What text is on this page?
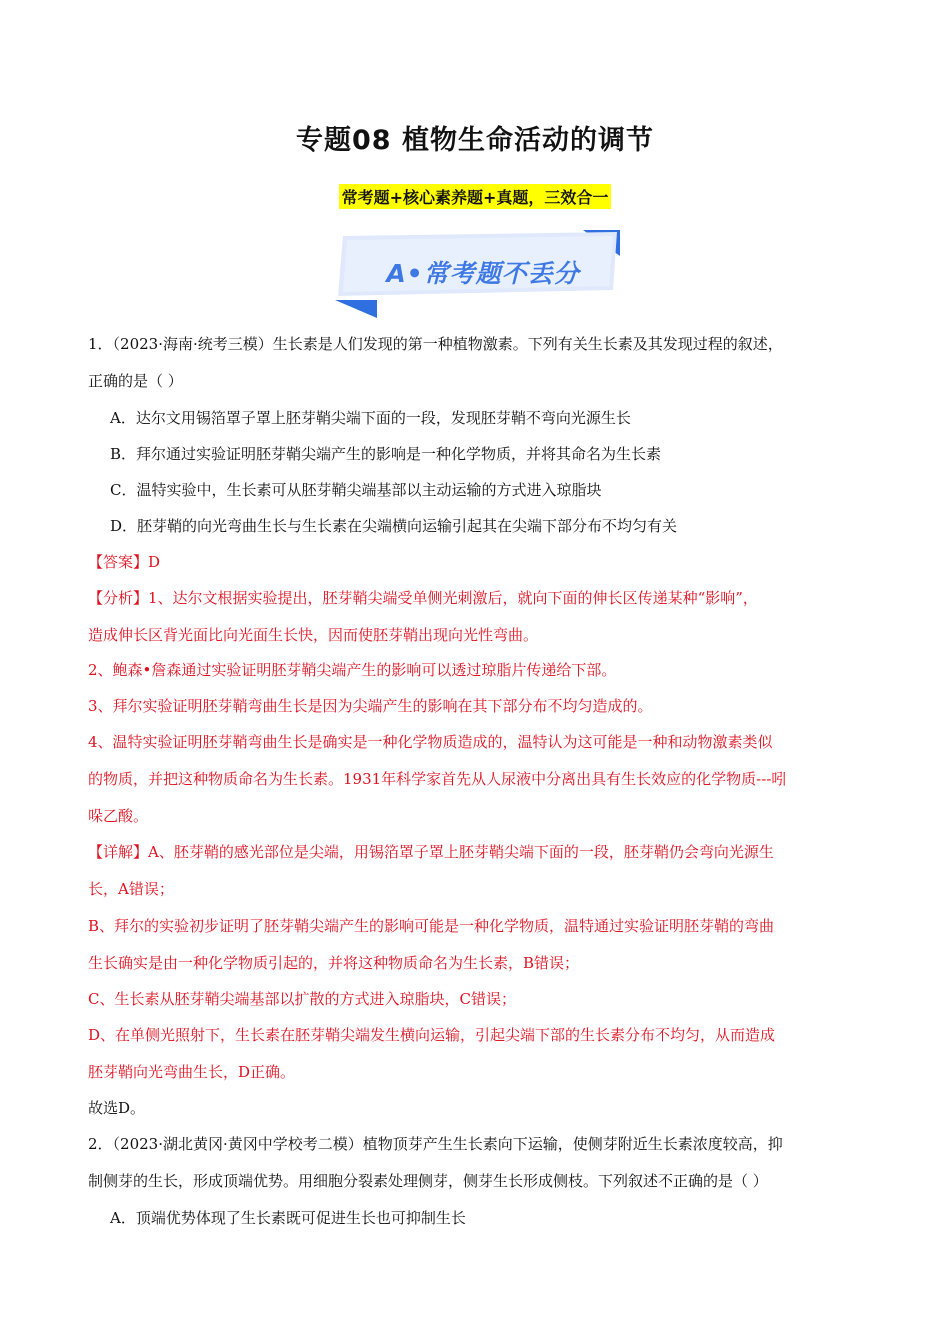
专题08 植物生命活动的调节
常考题+核心素养题+真题，三效合一
A•常考题不丢分
1．（2023·海南·统考三模）生长素是人们发现的第一种植物激素。下列有关生长素及其发现过程的叙述，
正确的是（ ）
A．达尔文用锡箔罩子罩上胚芽鞘尖端下面的一段，发现胚芽鞘不弯向光源生长
B．拜尔通过实验证明胚芽鞘尖端产生的影响是一种化学物质，并将其命名为生长素
C．温特实验中，生长素可从胚芽鞘尖端基部以主动运输的方式进入琼脂块
D．胚芽鞘的向光弯曲生长与生长素在尖端横向运输引起其在尖端下部分布不均匀有关
【答案】D
【分析】1、达尔文根据实验提出，胚芽鞘尖端受单侧光刺激后，就向下面的伸长区传递某种“影响”，
造成伸长区背光面比向光面生长快，因而使胚芽鞘出现向光性弯曲。
2、鲍森•詹森通过实验证明胚芽鞘尖端产生的影响可以透过琼脂片传递给下部。
3、拜尔实验证明胚芽鞘弯曲生长是因为尖端产生的影响在其下部分布不均匀造成的。
4、温特实验证明胚芽鞘弯曲生长是确实是一种化学物质造成的，温特认为这可能是一种和动物激素类似
的物质，并把这种物质命名为生长素。1931年科学家首先从人尿液中分离出具有生长效应的化学物质---吲
哚乙酸。
【详解】A、胚芽鞘的感光部位是尖端，用锡箔罩子罩上胚芽鞘尖端下面的一段，胚芽鞘仍会弯向光源生
长，A错误；
B、拜尔的实验初步证明了胚芽鞘尖端产生的影响可能是一种化学物质，温特通过实验证明胚芽鞘的弯曲
生长确实是由一种化学物质引起的，并将这种物质命名为生长素，B错误；
C、生长素从胚芽鞘尖端基部以扩散的方式进入琼脂块，C错误；
D、在单侧光照射下，生长素在胚芽鞘尖端发生横向运输，引起尖端下部的生长素分布不均匀，从而造成
胚芽鞘向光弯曲生长，D正确。
故选D。
2．（2023·湖北黄冈·黄冈中学校考二模）植物顶芽产生生长素向下运输，使侧芽附近生长素浓度较高，抑
制侧芽的生长，形成顶端优势。用细胞分裂素处理侧芽，侧芽生长形成侧枝。下列叙述不正确的是（ ）
A．顶端优势体现了生长素既可促进生长也可抑制生长
